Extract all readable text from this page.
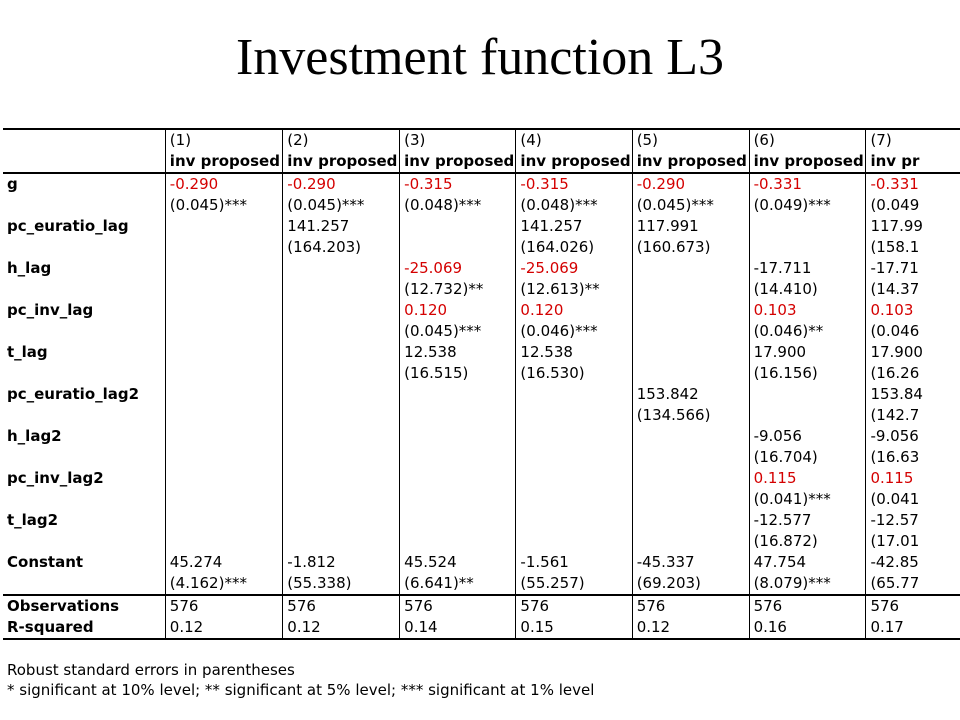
Investment function L3
	(1)	(2)	(3)	(4)	(5)	(6)	(7)
	inv proposed	inv proposed	inv proposed	inv proposed	inv proposed	inv proposed	inv pr
g	-0.290	-0.290	-0.315	-0.315	-0.290	-0.331	-0.331
	(0.045)***	(0.045)***	(0.048)***	(0.048)***	(0.045)***	(0.049)***	(0.049
pc_euratio_lag		141.257		141.257	117.991		117.99
		(164.203)		(164.026)	(160.673)		(158.1
h_lag			-25.069	-25.069		-17.711	-17.71
			(12.732)**	(12.613)**		(14.410)	(14.37
pc_inv_lag			0.120	0.120		0.103	0.103
			(0.045)***	(0.046)***		(0.046)**	(0.046
t_lag			12.538	12.538		17.900	17.900
			(16.515)	(16.530)		(16.156)	(16.26
pc_euratio_lag2					153.842		153.84
					(134.566)		(142.7
h_lag2						-9.056	-9.056
						(16.704)	(16.63
pc_inv_lag2						0.115	0.115
						(0.041)***	(0.041
t_lag2						-12.577	-12.57
						(16.872)	(17.01
Constant	45.274	-1.812	45.524	-1.561	-45.337	47.754	-42.85
	(4.162)***	(55.338)	(6.641)**	(55.257)	(69.203)	(8.079)***	(65.77
Observations	576	576	576	576	576	576	576
R-squared	0.12	0.12	0.14	0.15	0.12	0.16	0.17
Robust standard errors in parentheses
* significant at 10% level; ** significant at 5% level; *** significant at 1% level
